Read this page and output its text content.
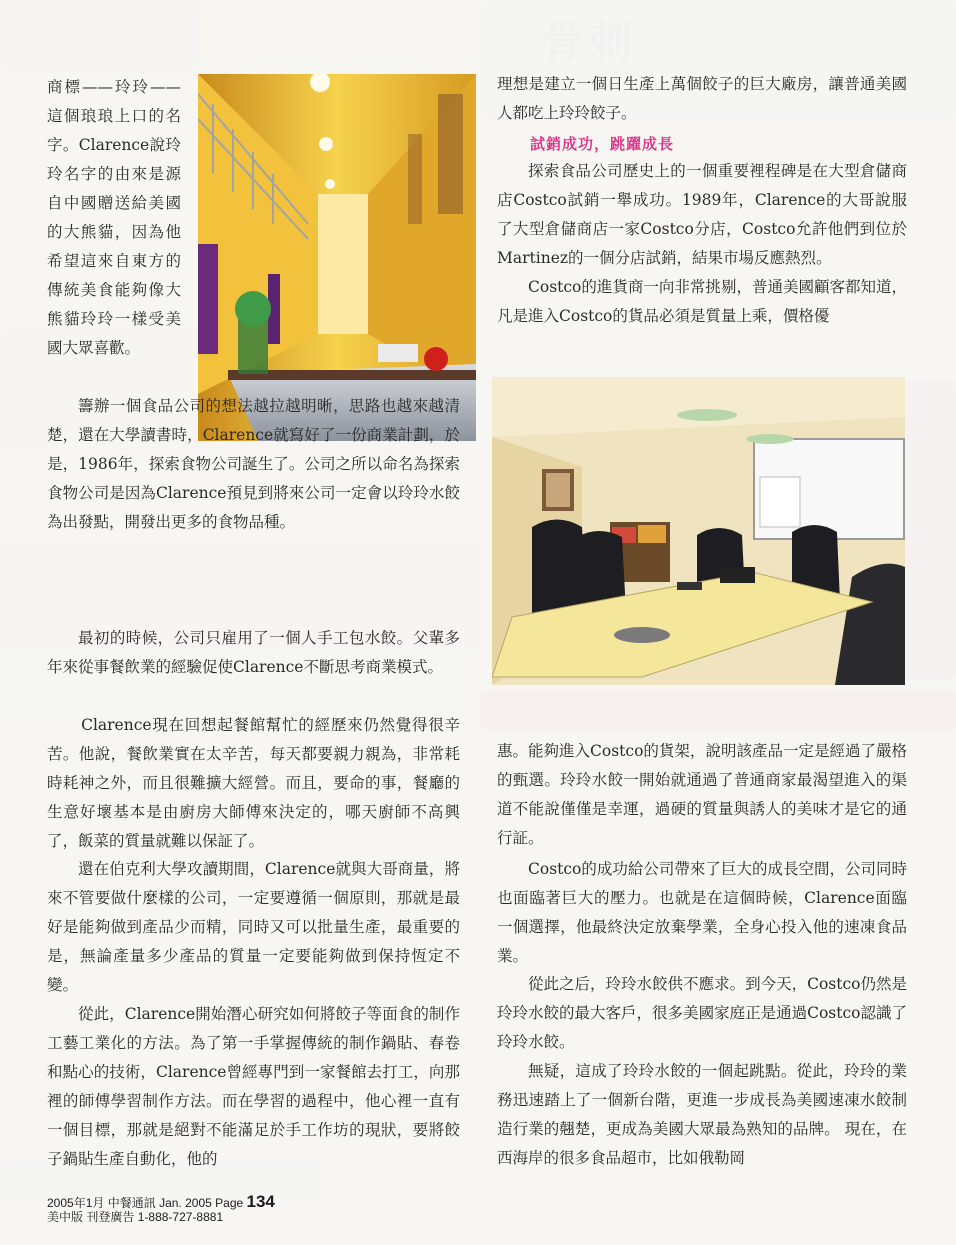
商標——玲玲——這個琅琅上口的名字。Clarence說玲玲名字的由來是源自中國贈送給美國的大熊貓，因為他希望這來自東方的傳統美食能夠像大熊貓玲玲一樣受美國大眾喜歡。

籌辦一個食品公司的想法越拉越明晰，思路也越來越清楚，還在大學讀書時，Clarence就寫好了一份商業計劃，於是，1986年，探索食物公司誕生了。公司之所以命名為探索食物公司是因為Clarence預見到將來公司一定會以玲玲水餃為出發點，開發出更多的食物品種。

最初的時候，公司只雇用了一個人手工包水餃。父輩多年來從事餐飲業的經驗促使Clarence不斷思考商業模式。

Clarence現在回想起餐館幫忙的經歷來仍然覺得很辛苦。他說，餐飲業實在太辛苦，每天都要親力親為，非常耗時耗神之外，而且很難擴大經營。而且，要命的事，餐廳的生意好壞基本是由廚房大師傅來決定的，哪天廚師不高興了，飯菜的質量就難以保証了。

還在伯克利大學攻讀期間，Clarence就與大哥商量，將來不管要做什麼樣的公司，一定要遵循一個原則，那就是最好是能夠做到產品少而精，同時又可以批量生產，最重要的是，無論產量多少產品的質量一定要能夠做到保持恆定不變。

從此，Clarence開始潛心研究如何將餃子等面食的制作工藝工業化的方法。為了第一手掌握傳統的制作鍋貼、春卷和點心的技術，Clarence曾經專門到一家餐館去打工，向那裡的師傅學習制作方法。而在學習的過程中，他心裡一直有一個目標，那就是絕對不能滿足於手工作坊的現狀，要將餃子鍋貼生產自動化，他的

理想是建立一個日生產上萬個餃子的巨大廠房，讓普通美國人都吃上玲玲餃子。

試銷成功，跳躍成長

探索食品公司歷史上的一個重要裡程碑是在大型倉儲商店Costco試銷一舉成功。1989年，Clarence的大哥說服了大型倉儲商店一家Costco分店，Costco允許他們到位於Martinez的一個分店試銷，結果市場反應熱烈。

Costco的進貨商一向非常挑剔，普通美國顧客都知道，凡是進入Costco的貨品必須是質量上乘，價格優

惠。能夠進入Costco的貨架，說明該產品一定是經過了嚴格的甄選。玲玲水餃一開始就通過了普通商家最渴望進入的渠道不能說僅僅是幸運，過硬的質量與誘人的美味才是它的通行証。

Costco的成功給公司帶來了巨大的成長空間，公司同時也面臨著巨大的壓力。也就是在這個時候，Clarence面臨一個選擇，他最終決定放棄學業，全身心投入他的速凍食品業。

從此之后，玲玲水餃供不應求。到今天，Costco仍然是玲玲水餃的最大客戶，很多美國家庭正是通過Costco認識了玲玲水餃。

無疑，這成了玲玲水餃的一個起跳點。從此，玲玲的業務迅速踏上了一個新台階，更進一步成長為美國速凍水餃制造行業的翹楚，更成為美國大眾最為熟知的品牌。 現在，在西海岸的很多食品超市，比如俄勒岡

2005年1月 中餐通訊 Jan. 2005 Page 134
美中版 刊登廣告 1-888-727-8881
